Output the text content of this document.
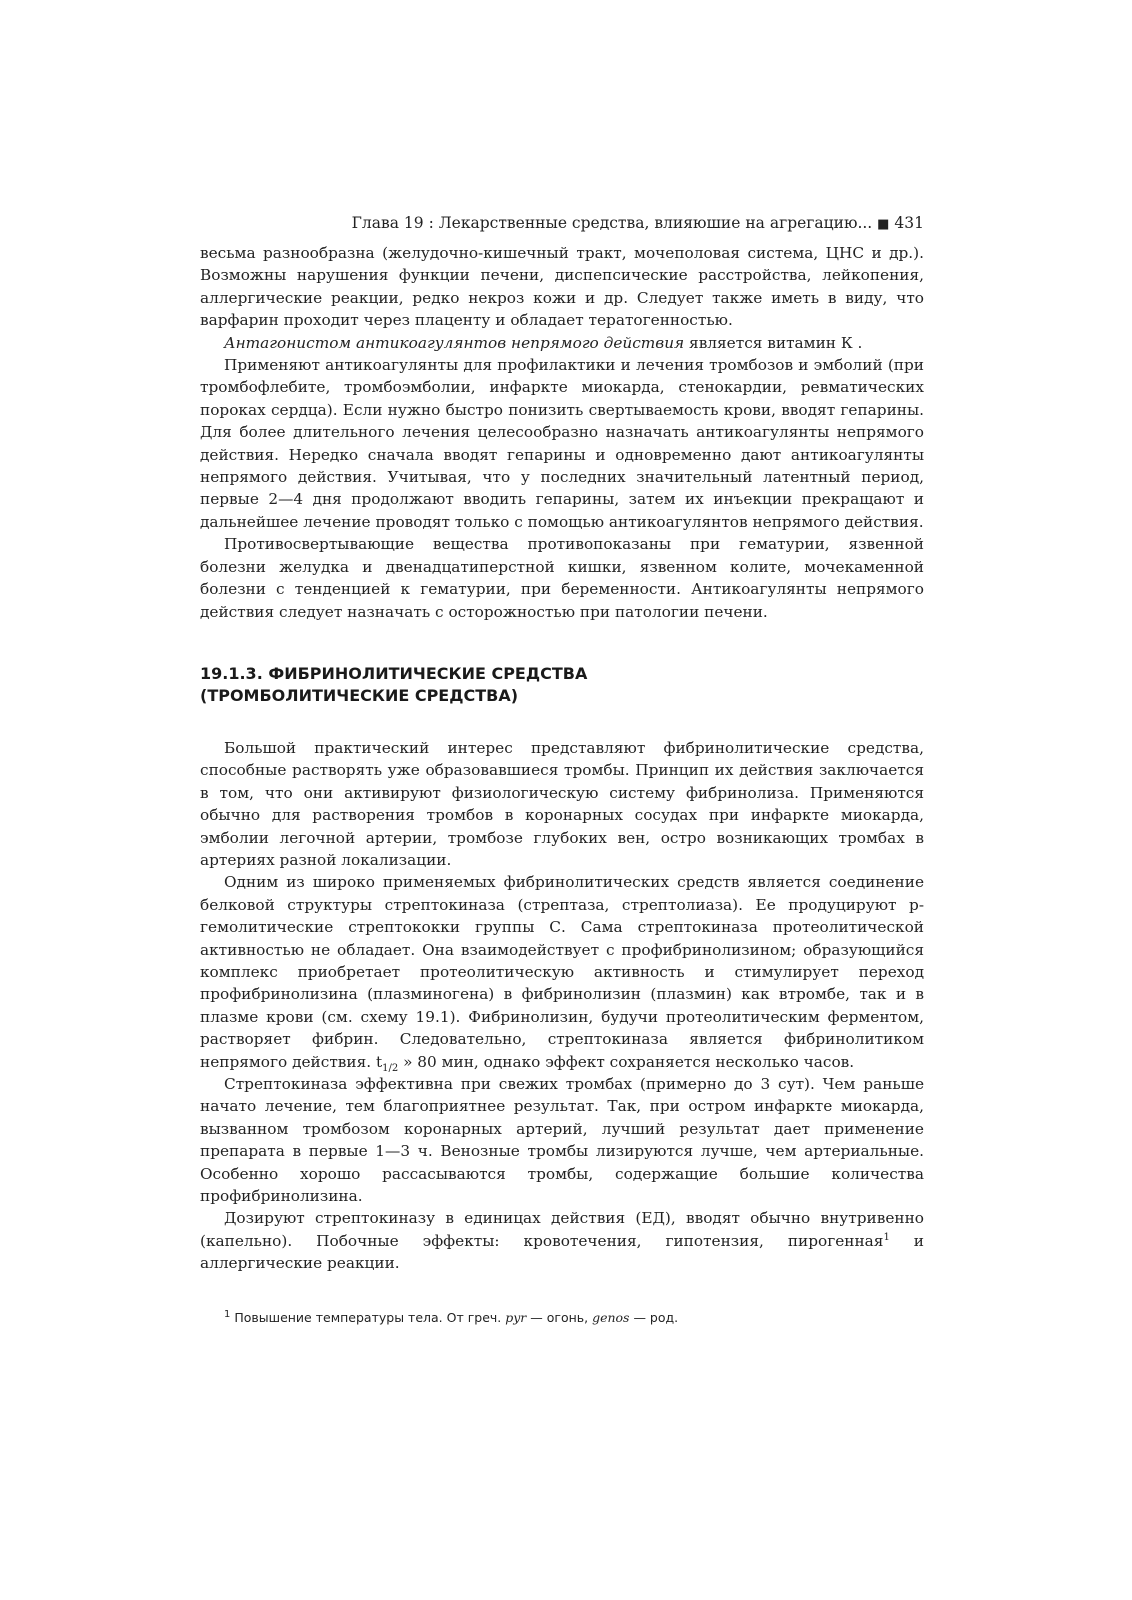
Глава 19 : Лекарственные средства, влияюшие на агрегацию... ■ 431

весьма разнообразна (желудочно-кишечный тракт, мочеполовая система, ЦНС и др.). Возможны нарушения функции печени, диспепсические расстройства, лейкопения, аллергические реакции, редко некроз кожи и др. Следует также иметь в виду, что варфарин проходит через плаценту и обладает тератогенностью.

Антагонистом антикоагулянтов непрямого действия является витамин К .

Применяют антикоагулянты для профилактики и лечения тромбозов и эмболий (при тромбофлебите, тромбоэмболии, инфаркте миокарда, стенокардии, ревматических пороках сердца). Если нужно быстро понизить свертываемость крови, вводят гепарины. Для более длительного лечения целесообразно назначать антикоагулянты непрямого действия. Нередко сначала вводят гепарины и одновременно дают антикоагулянты непрямого действия. Учитывая, что у последних значительный латентный период, первые 2—4 дня продолжают вводить гепарины, затем их инъекции прекращают и дальнейшее лечение проводят только с помощью антикоагулянтов непрямого действия.

Противосвертывающие вещества противопоказаны при гематурии, язвенной болезни желудка и двенадцатиперстной кишки, язвенном колите, мочекаменной болезни с тенденцией к гематурии, при беременности. Антикоагулянты непрямого действия следует назначать с осторожностью при патологии печени.

19.1.3. ФИБРИНОЛИТИЧЕСКИЕ СРЕДСТВА
(ТРОМБОЛИТИЧЕСКИЕ СРЕДСТВА)

Большой практический интерес представляют фибринолитические средства, способные растворять уже образовавшиеся тромбы. Принцип их действия заключается в том, что они активируют физиологическую систему фибринолиза. Применяются обычно для растворения тромбов в коронарных сосудах при инфаркте миокарда, эмболии легочной артерии, тромбозе глубоких вен, остро возникающих тромбах в артериях разной локализации.

Одним из широко применяемых фибринолитических средств является соединение белковой структуры стрептокиназа (стрептаза, стрептолиаза). Ее продуцируют р-гемолитические стрептококки группы С. Сама стрептокиназа протеолитической активностью не обладает. Она взаимодействует с профибринолизином; образующийся комплекс приобретает протеолитическую активность и стимулирует переход профибринолизина (плазминогена) в фибринолизин (плазмин) как втромбе, так и в плазме крови (см. схему 19.1). Фибринолизин, будучи протеолитическим ферментом, растворяет фибрин. Следовательно, стрептокиназа является фибринолитиком непрямого действия. $t_{1/2}$ » 80 мин, однако эффект сохраняется несколько часов.

Стрептокиназа эффективна при свежих тромбах (примерно до 3 сут). Чем раньше начато лечение, тем благоприятнее результат. Так, при остром инфаркте миокарда, вызванном тромбозом коронарных артерий, лучший результат дает применение препарата в первые 1—3 ч. Венозные тромбы лизируются лучше, чем артериальные. Особенно хорошо рассасываются тромбы, содержащие большие количества профибринолизина.

Дозируют стрептокиназу в единицах действия (ЕД), вводят обычно внутривенно (капельно). Побочные эффекты: кровотечения, гипотензия, пирогенная$^1$ и аллергические реакции.

$^1$ Повышение температуры тела. От греч. pyr — огонь, genos — род.
